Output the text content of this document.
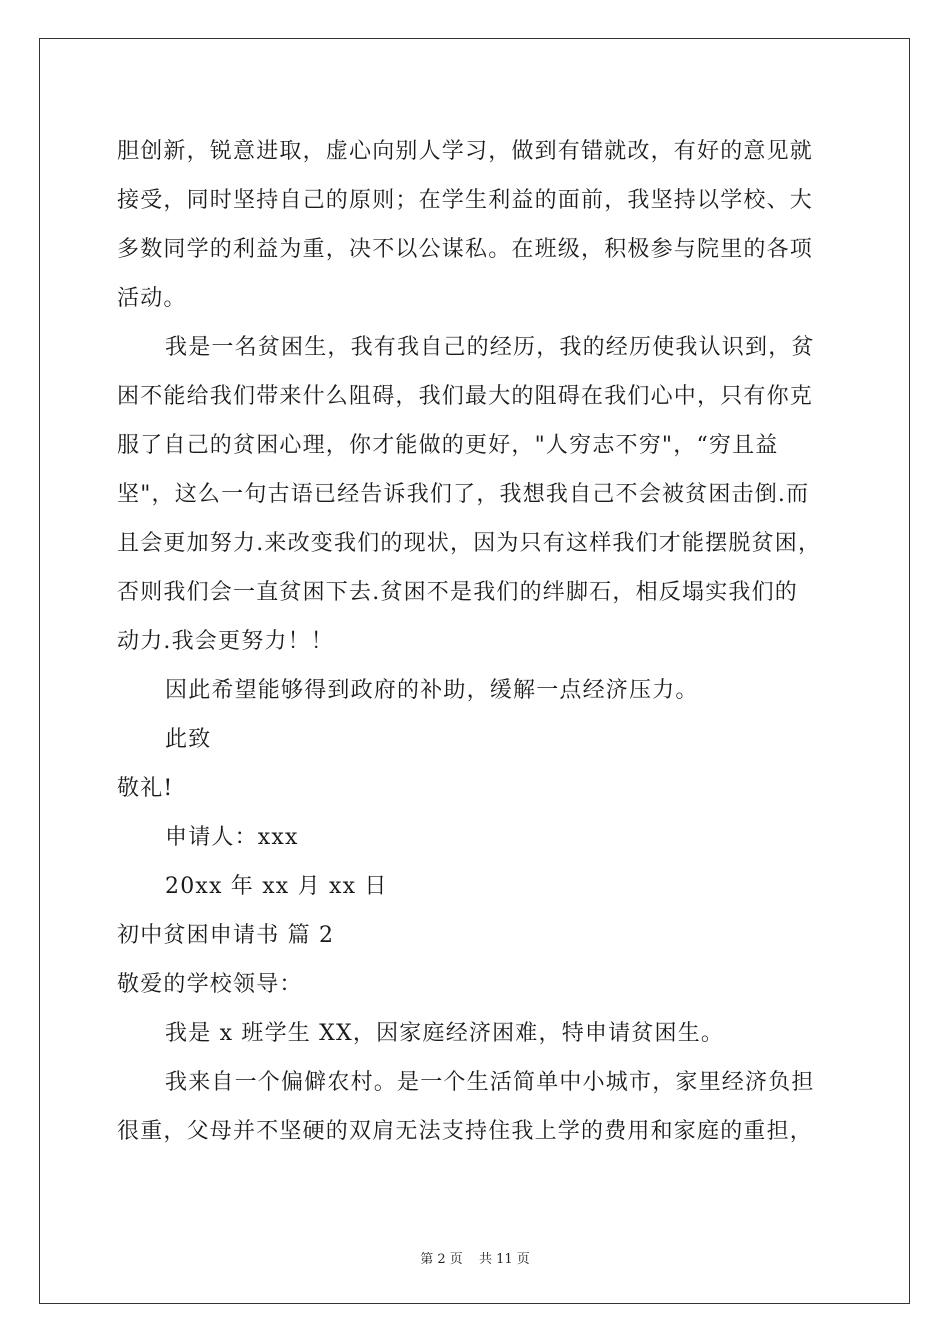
胆创新，锐意进取，虚心向别人学习，做到有错就改，有好的意见就
接受，同时坚持自己的原则；在学生利益的面前，我坚持以学校、大
多数同学的利益为重，决不以公谋私。在班级，积极参与院里的各项
活动。
我是一名贫困生，我有我自己的经历，我的经历使我认识到，贫
困不能给我们带来什么阻碍，我们最大的阻碍在我们心中，只有你克
服了自己的贫困心理，你才能做的更好，"人穷志不穷"，“穷且益
坚"，这么一句古语已经告诉我们了，我想我自己不会被贫困击倒.而
且会更加努力.来改变我们的现状，因为只有这样我们才能摆脱贫困，
否则我们会一直贫困下去.贫困不是我们的绊脚石，相反塌实我们的
动力.我会更努力！！
因此希望能够得到政府的补助，缓解一点经济压力。
此致
敬礼!
申请人：xxx
20xx 年 xx 月 xx 日
初中贫困申请书 篇 2
敬爱的学校领导：
我是 x 班学生 XX，因家庭经济困难，特申请贫困生。
我来自一个偏僻农村。是一个生活简单中小城市，家里经济负担
很重，父母并不坚硬的双肩无法支持住我上学的费用和家庭的重担，
第 2 页 共 11 页
